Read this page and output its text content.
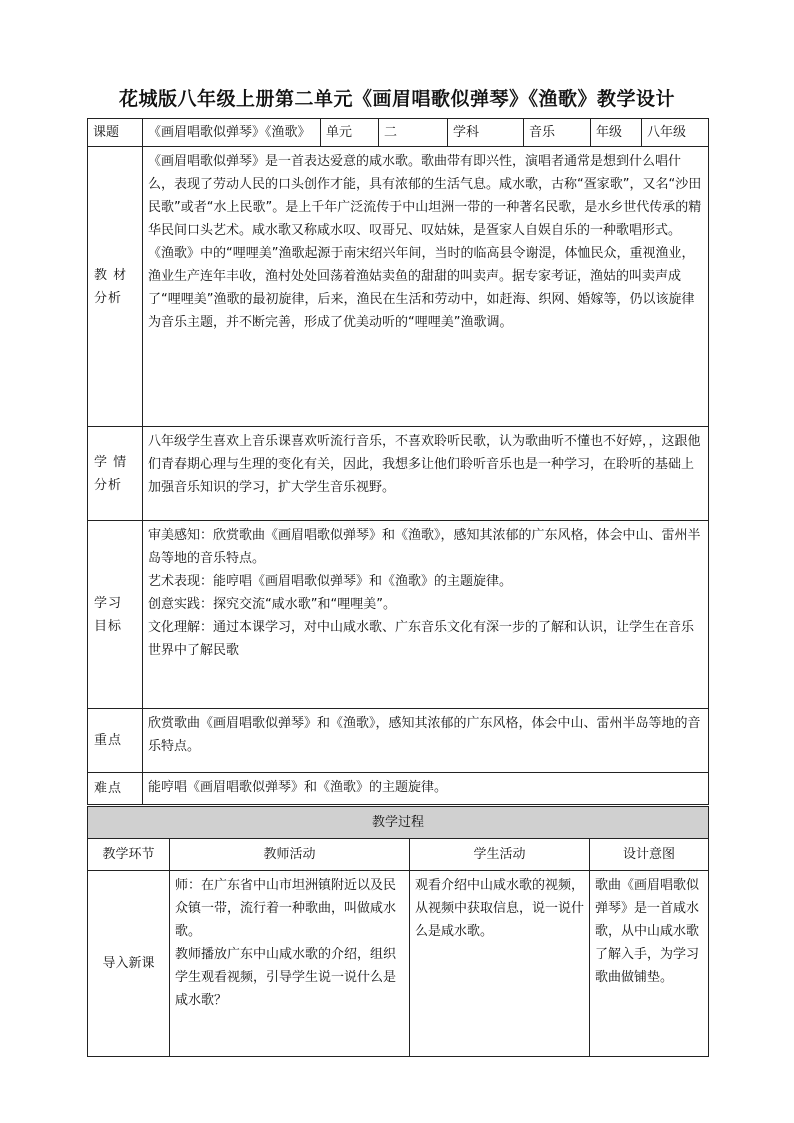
花城版八年级上册第二单元《画眉唱歌似弹琴》《渔歌》教学设计
课题	《画眉唱歌似弹琴》《渔歌》	单元	二	学科	音乐	年级	八年级
教 材 分析	《画眉唱歌似弹琴》是一首表达爱意的咸水歌。歌曲带有即兴性，演唱者通常是想到什么唱什么，表现了劳动人民的口头创作才能，具有浓郁的生活气息。咸水歌，古称“疍家歌”，又名“沙田民歌”或者“水上民歌”。是上千年广泛流传于中山坦洲一带的一种著名民歌，是水乡世代传承的精华民间口头艺术。咸水歌又称咸水叹、叹哥兄、叹姑妹，是疍家人自娱自乐的一种歌唱形式。

《渔歌》中的“哩哩美”渔歌起源于南宋绍兴年间，当时的临高县令谢湜，体恤民众，重视渔业，渔业生产连年丰收，渔村处处回荡着渔姑卖鱼的甜甜的叫卖声。据专家考证，渔姑的叫卖声成了“哩哩美”渔歌的最初旋律，后来，渔民在生活和劳动中，如赶海、织网、婚嫁等，仍以该旋律为音乐主题，并不断完善，形成了优美动听的“哩哩美”渔歌调。						

学 情 分析	八年级学生喜欢上音乐课喜欢听流行音乐，不喜欢聆听民歌，认为歌曲听不懂也不好婷，，这跟他们青春期心理与生理的变化有关，因此，我想多让他们聆听音乐也是一种学习，在聆听的基础上加强音乐知识的学习，扩大学生音乐视野。						

学习 目标	审美感知：欣赏歌曲《画眉唱歌似弹琴》和《渔歌》，感知其浓郁的广东风格，体会中山、雷州半岛等地的音乐特点。

艺术表现：能哼唱《画眉唱歌似弹琴》和《渔歌》的主题旋律。

创意实践：探究交流“咸水歌”和“哩哩美”。

文化理解：通过本课学习，对中山咸水歌、广东音乐文化有深一步的了解和认识，让学生在音乐世界中了解民歌						

重点	欣赏歌曲《画眉唱歌似弹琴》和《渔歌》，感知其浓郁的广东风格，体会中山、雷州半岛等地的音乐特点。						

难点	能哼唱《画眉唱歌似弹琴》和《渔歌》的主题旋律。						

教学过程			
教学环节	教师活动	学生活动	设计意图
导入新课	师：在广东省中山市坦洲镇附近以及民众镇一带，流行着一种歌曲，叫做咸水歌。

教师播放广东中山咸水歌的介绍，组织学生观看视频，引导学生说一说什么是咸水歌？	观看介绍中山咸水歌的视频，从视频中获取信息，说一说什么是咸水歌。	歌曲《画眉唱歌似弹琴》是一首咸水歌，从中山咸水歌了解入手，为学习歌曲做铺垫。
